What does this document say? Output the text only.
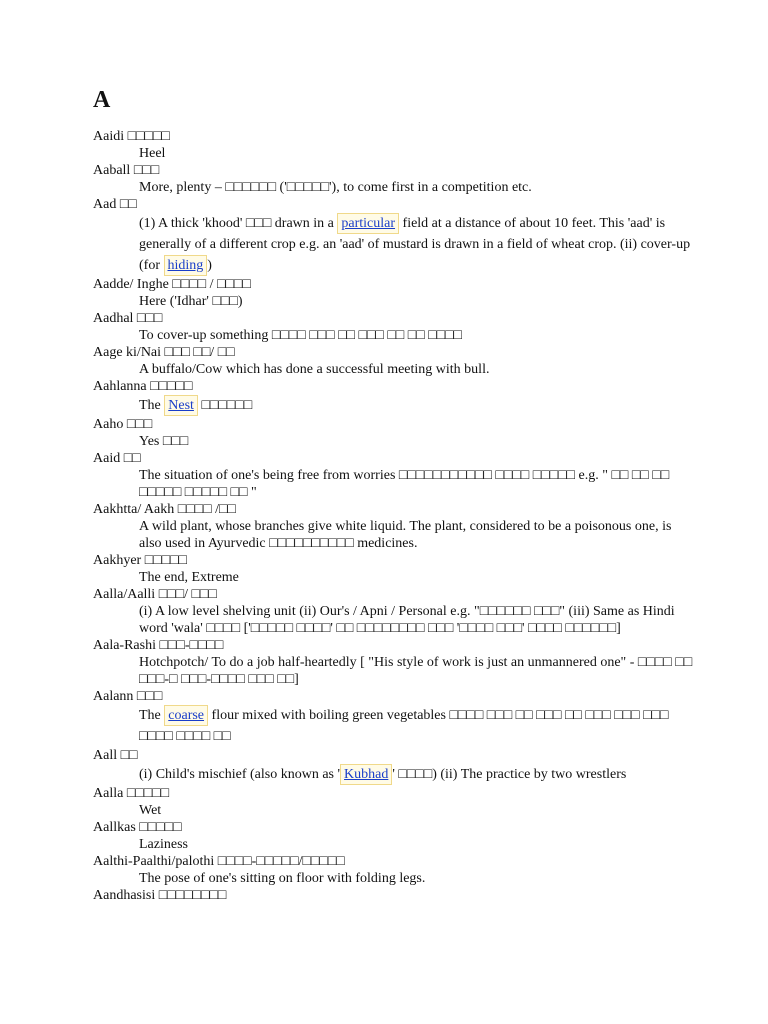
A
Aaidi □□□□□
Heel
Aaball □□□
More, plenty – □□□□□□ ('□□□□□'), to come first in a competition etc.
Aad □□
(1) A thick 'khood' □□□ drawn in a particular field at a distance of about 10 feet. This 'aad' is generally of a different crop e.g. an 'aad' of mustard is drawn in a field of wheat crop. (ii) cover-up (for hiding )
Aadde/ Inghe □□□□ / □□□□
Here ('Idhar' □□□)
Aadhal □□□
To cover-up something □□□□ □□□ □□ □□□ □□ □□ □□□□
Aage ki/Nai □□□ □□/ □□
A buffalo/Cow which has done a successful meeting with bull.
Aahlanna □□□□□
The Nest □□□□□□
Aaho □□□
Yes □□□
Aaid □□
The situation of one's being free from worries □□□□□□□□□□□ □□□□ □□□□□ e.g. " □□ □□ □□ □□□□□ □□□□□ □□ "
Aakhtta/ Aakh □□□□ /□□
A wild plant, whose branches give white liquid. The plant, considered to be a poisonous one, is also used in Ayurvedic □□□□□□□□□□ medicines.
Aakhyer □□□□□
The end, Extreme
Aalla/Aalli □□□/ □□□
(i) A low level shelving unit (ii) Our's / Apni / Personal e.g. "□□□□□□ □□□" (iii) Same as Hindi word 'wala' □□□□ ['□□□□□ □□□□' □□ □□□□□□□□ □□□ '□□□□ □□□' □□□□ □□□□□□]
Aala-Rashi □□□-□□□□
Hotchpotch/ To do a job half-heartedly [ "His style of work is just an unmannered one" - □□□□ □□ □□□-□ □□□-□□□□ □□□ □□]
Aalann □□□
The coarse flour mixed with boiling green vegetables □□□□ □□□ □□ □□□ □□ □□□ □□□ □□□ □□□□ □□□□ □□
Aall □□
(i) Child's mischief (also known as ' Kubhad ' □□□□) (ii) The practice by two wrestlers
Aalla □□□□□
Wet
Aallkas □□□□□
Laziness
Aalthi-Paalthi/palothi □□□□-□□□□□/□□□□□
The pose of one's sitting on floor with folding legs.
Aandhasisi □□□□□□□□
